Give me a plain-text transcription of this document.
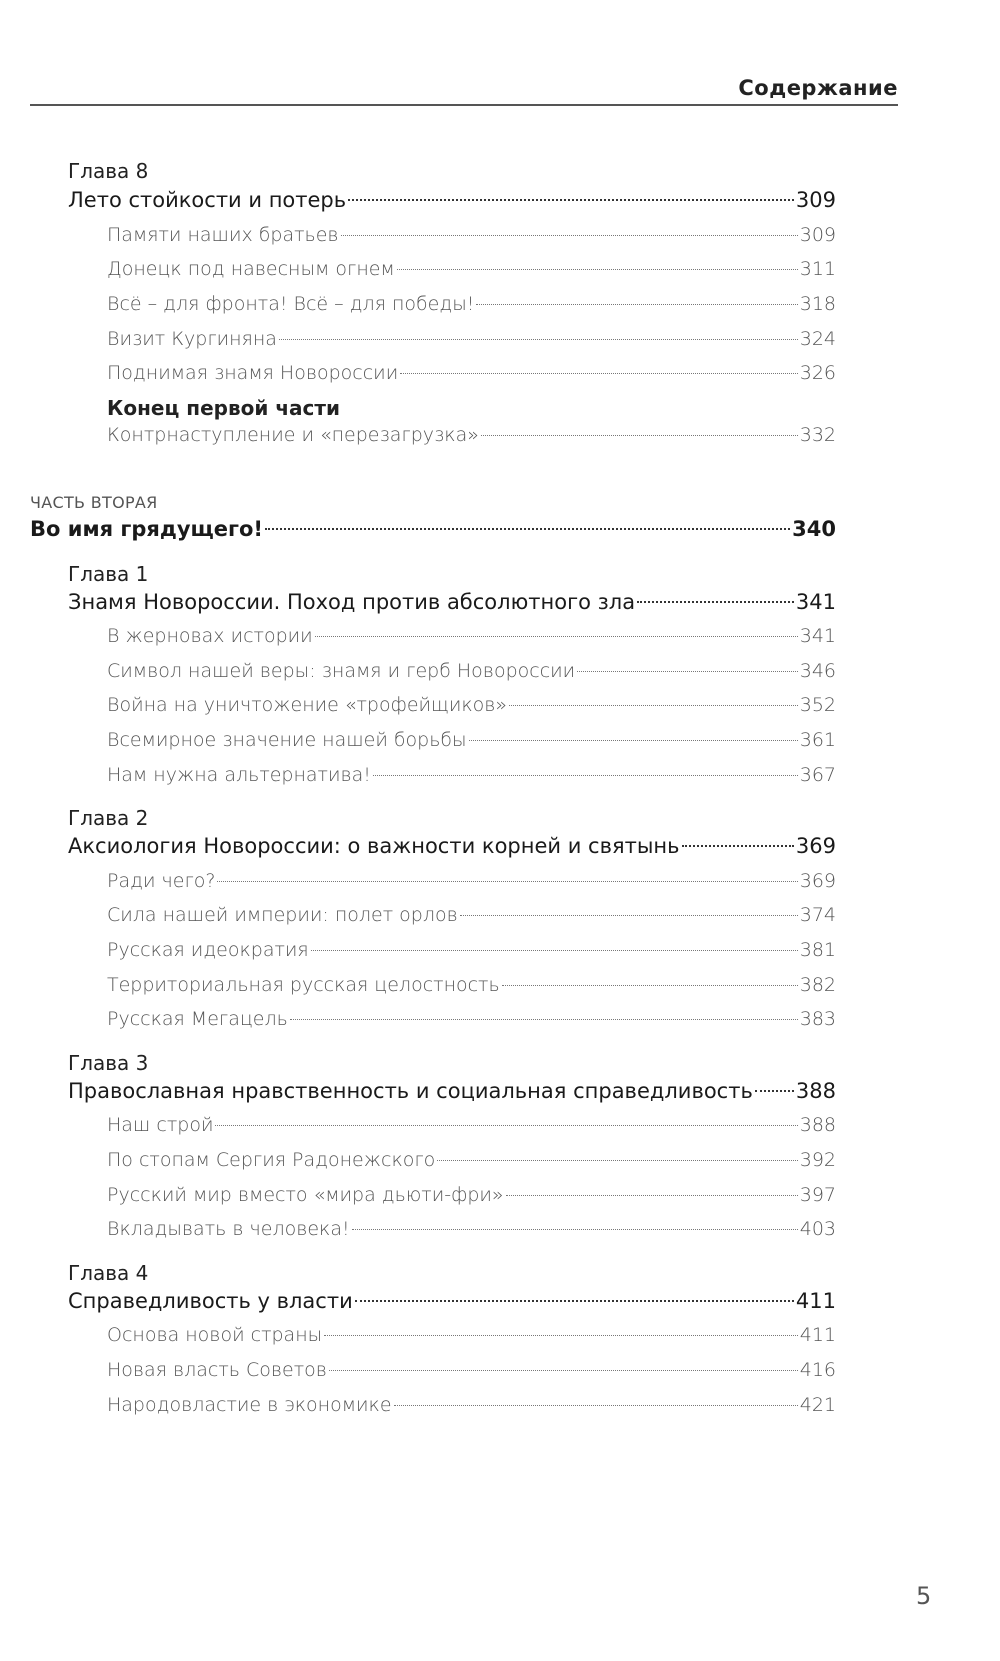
Содержание
Глава 8
Лето стойкости и потерь	309
Памяти наших братьев	309
Донецк под навесным огнем	311
Всё – для фронта! Всё – для победы!	318
Визит Кургиняна	324
Поднимая знамя Новороссии	326
Конец первой части
Контрнаступление и «перезагрузка»	332
ЧАСТЬ ВТОРАЯ
Во имя грядущего!	340
Глава 1
Знамя Новороссии. Поход против абсолютного зла	341
В жерновах истории	341
Символ нашей веры: знамя и герб Новороссии	346
Война на уничтожение «трофейщиков»	352
Всемирное значение нашей борьбы	361
Нам нужна альтернатива!	367
Глава 2
Аксиология Новороссии: о важности корней и святынь	369
Ради чего?	369
Сила нашей империи: полет орлов	374
Русская идеократия	381
Территориальная русская целостность	382
Русская Мегацель	383
Глава 3
Православная нравственность и социальная справедливость 388
Наш строй	388
По стопам Сергия Радонежского	392
Русский мир вместо «мира дьюти-фри»	397
Вкладывать в человека!	403
Глава 4
Справедливость у власти	411
Основа новой страны	411
Новая власть Советов	416
Народовластие в экономике	421
5
